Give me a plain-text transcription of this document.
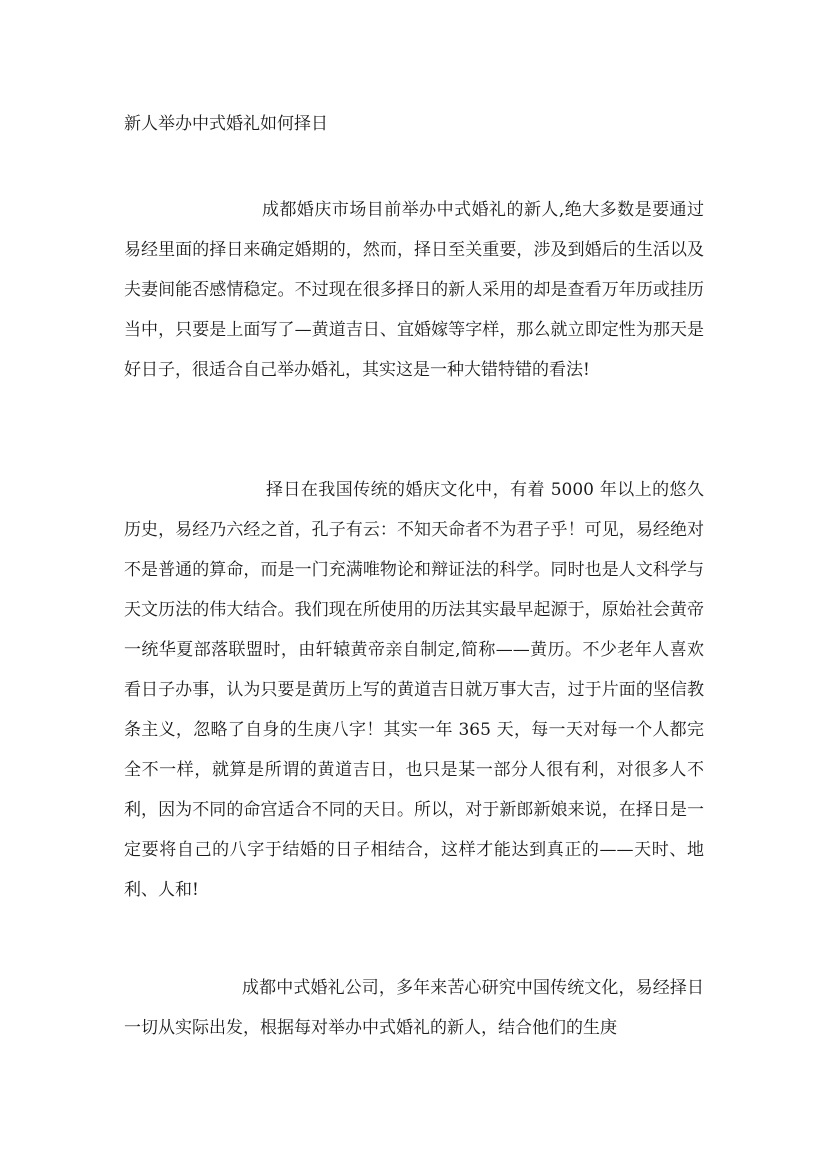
新人举办中式婚礼如何择日

成都婚庆市场目前举办中式婚礼的新人,绝大多数是要通过易经里面的择日来确定婚期的，然而，择日至关重要，涉及到婚后的生活以及夫妻间能否感情稳定。不过现在很多择日的新人采用的却是查看万年历或挂历当中，只要是上面写了—黄道吉日、宜婚嫁等字样，那么就立即定性为那天是好日子，很适合自己举办婚礼，其实这是一种大错特错的看法!

择日在我国传统的婚庆文化中，有着 5000 年以上的悠久历史，易经乃六经之首，孔子有云：不知天命者不为君子乎！可见，易经绝对不是普通的算命，而是一门充满唯物论和辩证法的科学。同时也是人文科学与天文历法的伟大结合。我们现在所使用的历法其实最早起源于，原始社会黄帝一统华夏部落联盟时，由轩辕黄帝亲自制定,简称——黄历。不少老年人喜欢看日子办事，认为只要是黄历上写的黄道吉日就万事大吉，过于片面的坚信教条主义，忽略了自身的生庚八字！其实一年 365 天，每一天对每一个人都完全不一样，就算是所谓的黄道吉日，也只是某一部分人很有利，对很多人不利，因为不同的命宫适合不同的天日。所以，对于新郎新娘来说，在择日是一定要将自己的八字于结婚的日子相结合，这样才能达到真正的——天时、地利、人和!

成都中式婚礼公司，多年来苦心研究中国传统文化，易经择日一切从实际出发，根据每对举办中式婚礼的新人，结合他们的生庚
